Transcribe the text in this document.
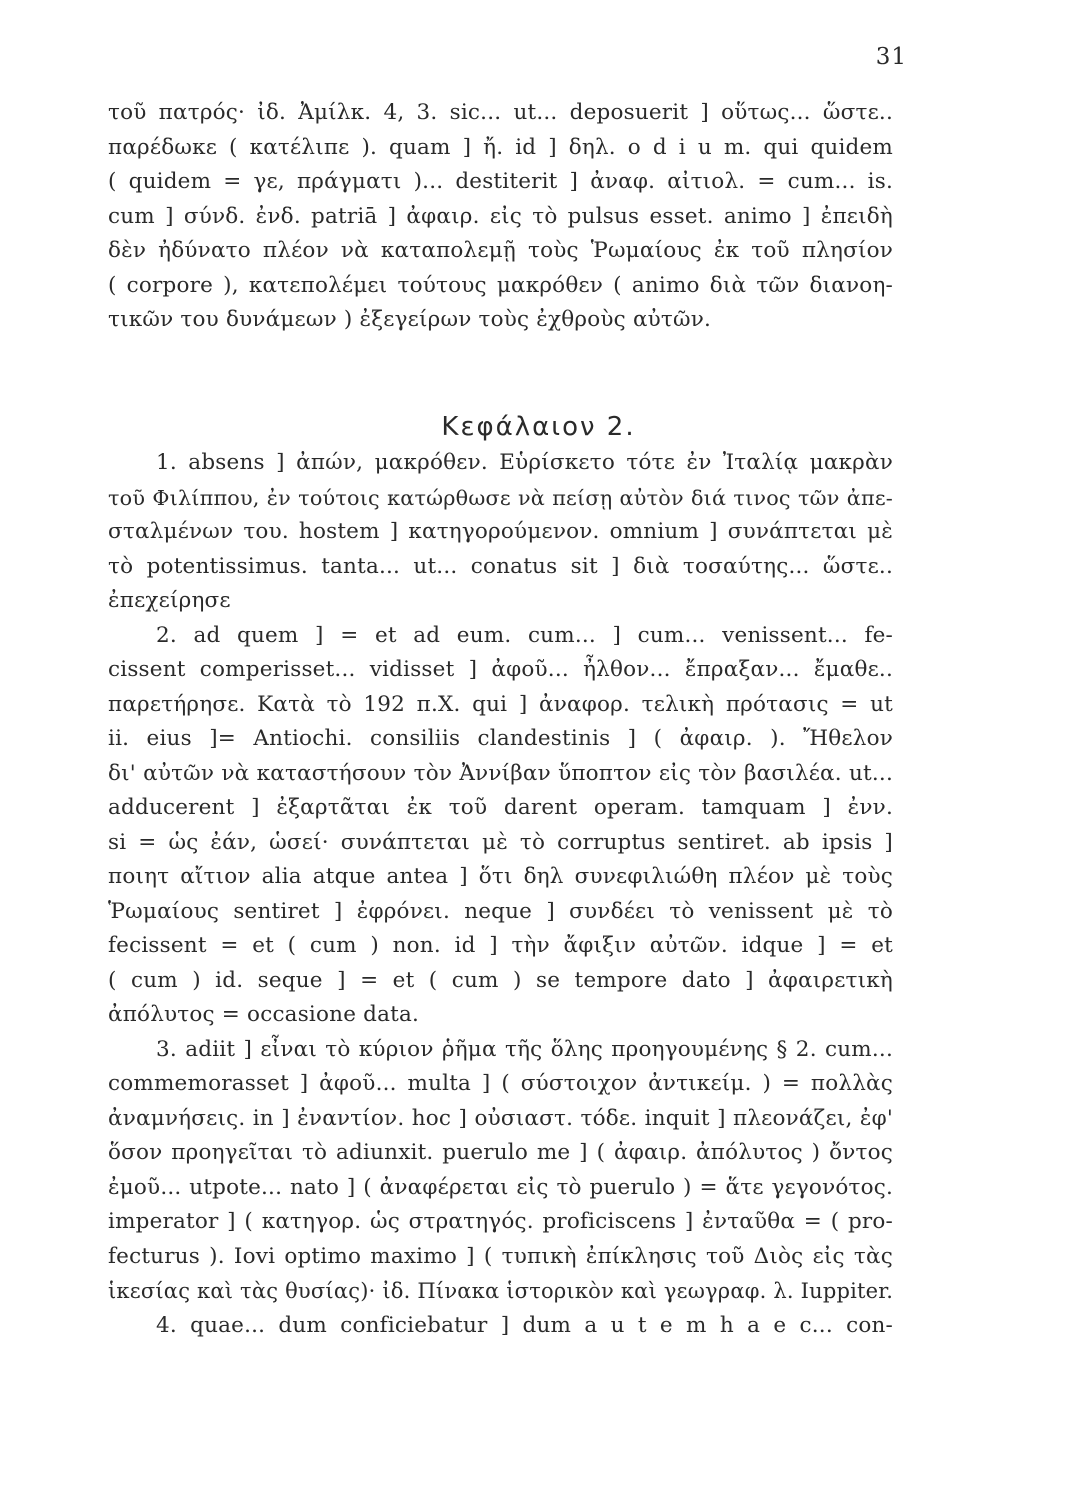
31
τοῦ πατρός· ἰδ. Ἀμίλκ. 4, 3. sic... ut... deposuerit ] οὕτως... ὥστε..
παρέδωκε ( κατέλιπε ). quam ] ἤ. id ] δηλ. o d i u m. qui quidem
( quidem = γε, πράγματι )... destiterit ] ἀναφ. αἰτιολ. = cum... is.
cum ] σύνδ. ἐνδ. patriā ] ἀφαιρ. εἰς τὸ pulsus esset. animo ] ἐπειδὴ
δὲν ἠδύνατο πλέον νὰ καταπολεμῇ τοὺς Ῥωμαίους ἐκ τοῦ πλησίον
( corpore ), κατεπολέμει τούτους μακρόθεν ( animo διὰ τῶν διανοη-
τικῶν του δυνάμεων ) ἐξεγείρων τοὺς ἐχθροὺς αὐτῶν.
Κεφάλαιον 2.
1. absens ] ἀπών, μακρόθεν. Εὑρίσκετο τότε ἐν Ἰταλίᾳ μακρὰν
τοῦ Φιλίππου, ἐν τούτοις κατώρθωσε νὰ πείσῃ αὐτὸν διά τινος τῶν ἀπε-
σταλμένων του. hostem ] κατηγορούμενον. omnium ] συνάπτεται μὲ
τὸ potentissimus. tanta... ut... conatus sit ] διὰ τοσαύτης... ὥστε..
ἐπεχείρησε
2. ad quem ] = et ad eum. cum... ] cum... venissent... fe-
cissent comperisset... vidisset ] ἀφοῦ... ἦλθον... ἔπραξαν... ἔμαθε..
παρετήρησε. Κατὰ τὸ 192 π.Χ. qui ] ἀναφορ. τελικὴ πρότασις = ut
ii. eius ]= Antiochi. consiliis clandestinis ] ( ἀφαιρ. ). Ἤθελον
δι' αὐτῶν νὰ καταστήσουν τὸν Ἀννίβαν ὕποπτον εἰς τὸν βασιλέα. ut...
adducerent ] ἐξαρτᾶται ἐκ τοῦ darent operam. tamquam ] ἐνν.
si = ὡς ἐάν, ὡσεί· συνάπτεται μὲ τὸ corruptus sentiret. ab ipsis ]
ποιητ αἴτιον alia atque antea ] ὅτι δηλ συνεφιλιώθη πλέον μὲ τοὺς
Ῥωμαίους sentiret ] ἐφρόνει. neque ] συνδέει τὸ venissent μὲ τὸ
fecissent = et ( cum ) non. id ] τὴν ἄφιξιν αὐτῶν. idque ] = et
( cum ) id. seque ] = et ( cum ) se tempore dato ] ἀφαιρετικὴ
ἀπόλυτος = occasione data.
3. adiit ] εἶναι τὸ κύριον ῥῆμα τῆς ὅλης προηγουμένης § 2. cum...
commemorasset ] ἀφοῦ... multa ] ( σύστοιχον ἀντικείμ. ) = πολλὰς
ἀναμνήσεις. in ] ἐναντίον. hoc ] οὐσιαστ. τόδε. inquit ] πλεονάζει, ἐφ'
ὅσον προηγεῖται τὸ adiunxit. puerulo me ] ( ἀφαιρ. ἀπόλυτος ) ὄντος
ἐμοῦ... utpote... nato ] ( ἀναφέρεται εἰς τὸ puerulo ) = ἅτε γεγονότος.
imperator ] ( κατηγορ. ὡς στρατηγός. proficiscens ] ἐνταῦθα = ( pro-
fecturus ). Iovi optimo maximo ] ( τυπικὴ ἐπίκλησις τοῦ Διὸς εἰς τὰς
ἱκεσίας καὶ τὰς θυσίας)· ἰδ. Πίνακα ἱστορικὸν καὶ γεωγραφ. λ. Iuppiter.
4. quae... dum conficiebatur ] dum a u t e m h a e c... con-
